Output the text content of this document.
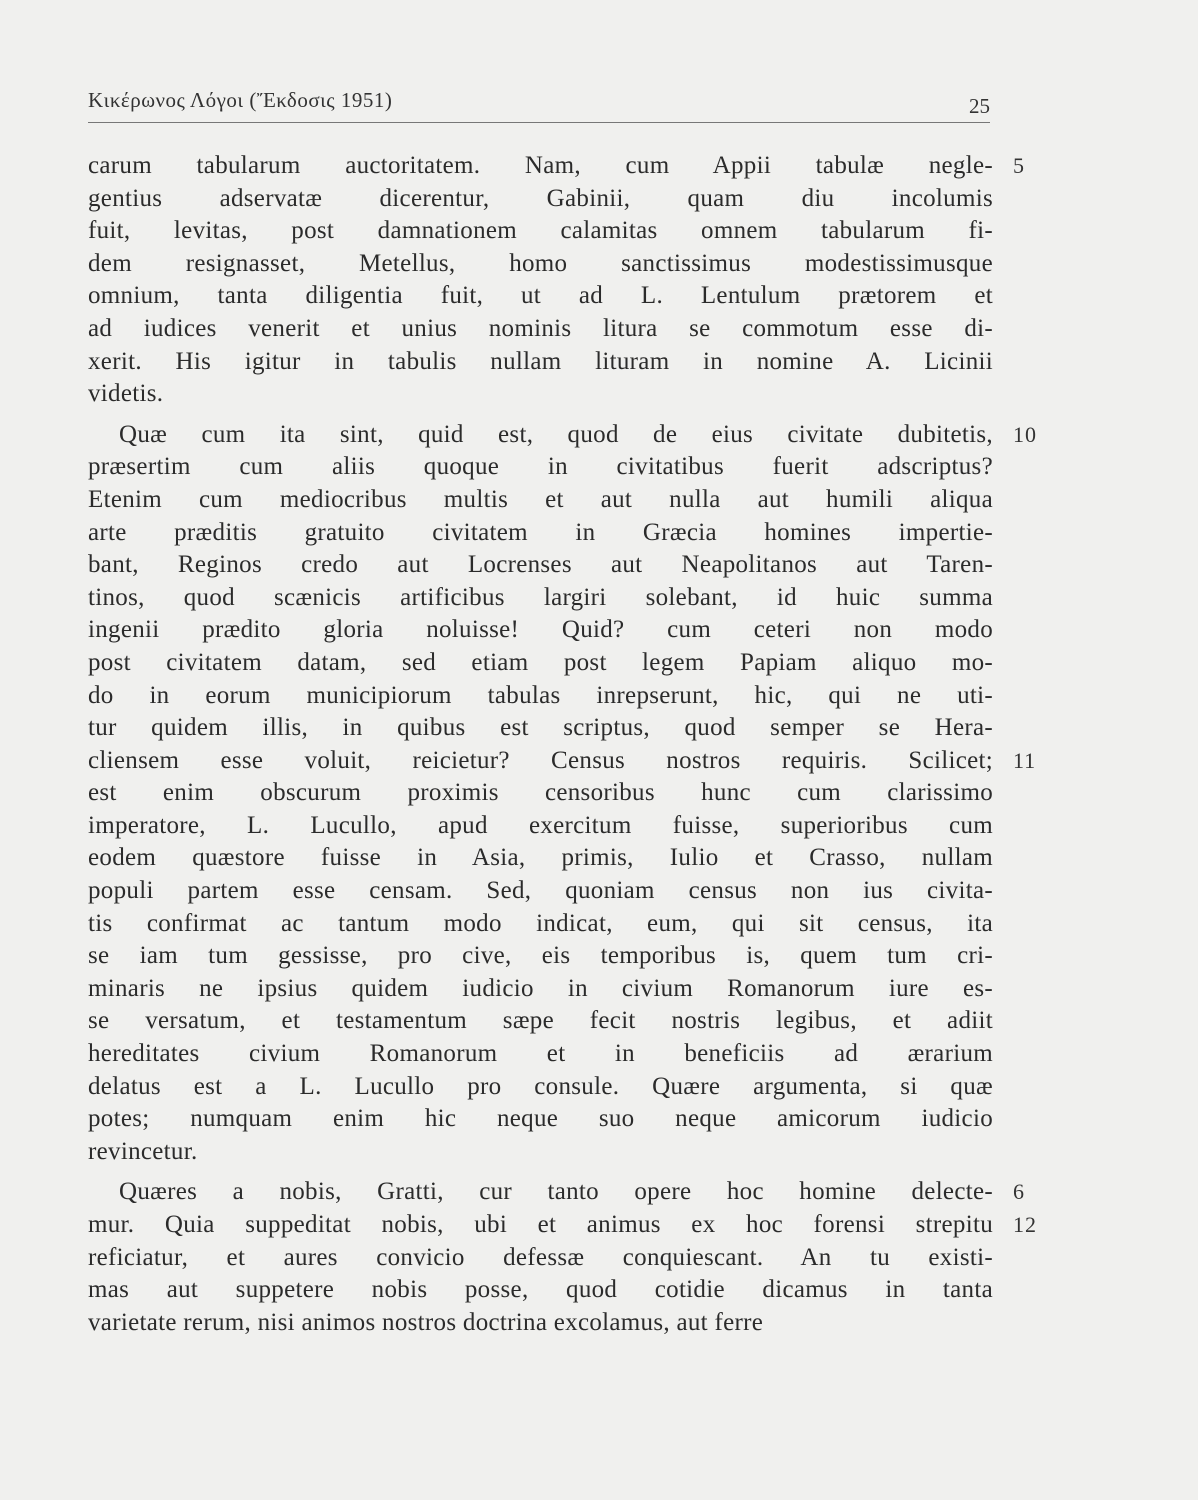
Κικέρωνος Λόγοι (Ἔκδοσις 1951)	25
carum tabularum auctoritatem. Nam, cum Appii tabulæ negle- 5
gentius adservatæ dicerentur, Gabinii, quam diu incolumis
fuit, levitas, post damnationem calamitas omnem tabularum fi-
dem resignasset, Metellus, homo sanctissimus modestissimusque
omnium, tanta diligentia fuit, ut ad L. Lentulum prætorem et
ad iudices venerit et unius nominis litura se commotum esse di-
xerit. His igitur in tabulis nullam lituram in nomine A. Licinii
videtis.
Quæ cum ita sint, quid est, quod de eius civitate dubitetis, 10
præsertim cum aliis quoque in civitatibus fuerit adscriptus?
Etenim cum mediocribus multis et aut nulla aut humili aliqua
arte præditis gratuito civitatem in Græcia homines impertie-
bant, Reginos credo aut Locrenses aut Neapolitanos aut Taren-
tinos, quod scænicis artificibus largiri solebant, id huic summa
ingenii prædito gloria noluisse! Quid? cum ceteri non modo
post civitatem datam, sed etiam post legem Papiam aliquo mo-
do in eorum municipiorum tabulas inrepserunt, hic, qui ne uti-
tur quidem illis, in quibus est scriptus, quod semper se Hera-
cliensem esse voluit, reicietur? Census nostros requiris. Scilicet; 11
est enim obscurum proximis censoribus hunc cum clarissimo
imperatore, L. Lucullo, apud exercitum fuisse, superioribus cum
eodem quæstore fuisse in Asia, primis, Iulio et Crasso, nullam
populi partem esse censam. Sed, quoniam census non ius civita-
tis confirmat ac tantum modo indicat, eum, qui sit census, ita
se iam tum gessisse, pro cive, eis temporibus is, quem tum cri-
minaris ne ipsius quidem iudicio in civium Romanorum iure es-
se versatum, et testamentum sæpe fecit nostris legibus, et adiit
hereditates civium Romanorum et in beneficiis ad ærarium
delatus est a L. Lucullo pro consule. Quære argumenta, si quæ
potes; numquam enim hic neque suo neque amicorum iudicio
revincetur.
Quæres a nobis, Gratti, cur tanto opere hoc homine delecte- 6
mur. Quia suppeditat nobis, ubi et animus ex hoc forensi strepitu 12
reficiatur, et aures convicio defessæ conquiescant. An tu existi-
mas aut suppetere nobis posse, quod cotidie dicamus in tanta
varietate rerum, nisi animos nostros doctrina excolamus, aut ferre
